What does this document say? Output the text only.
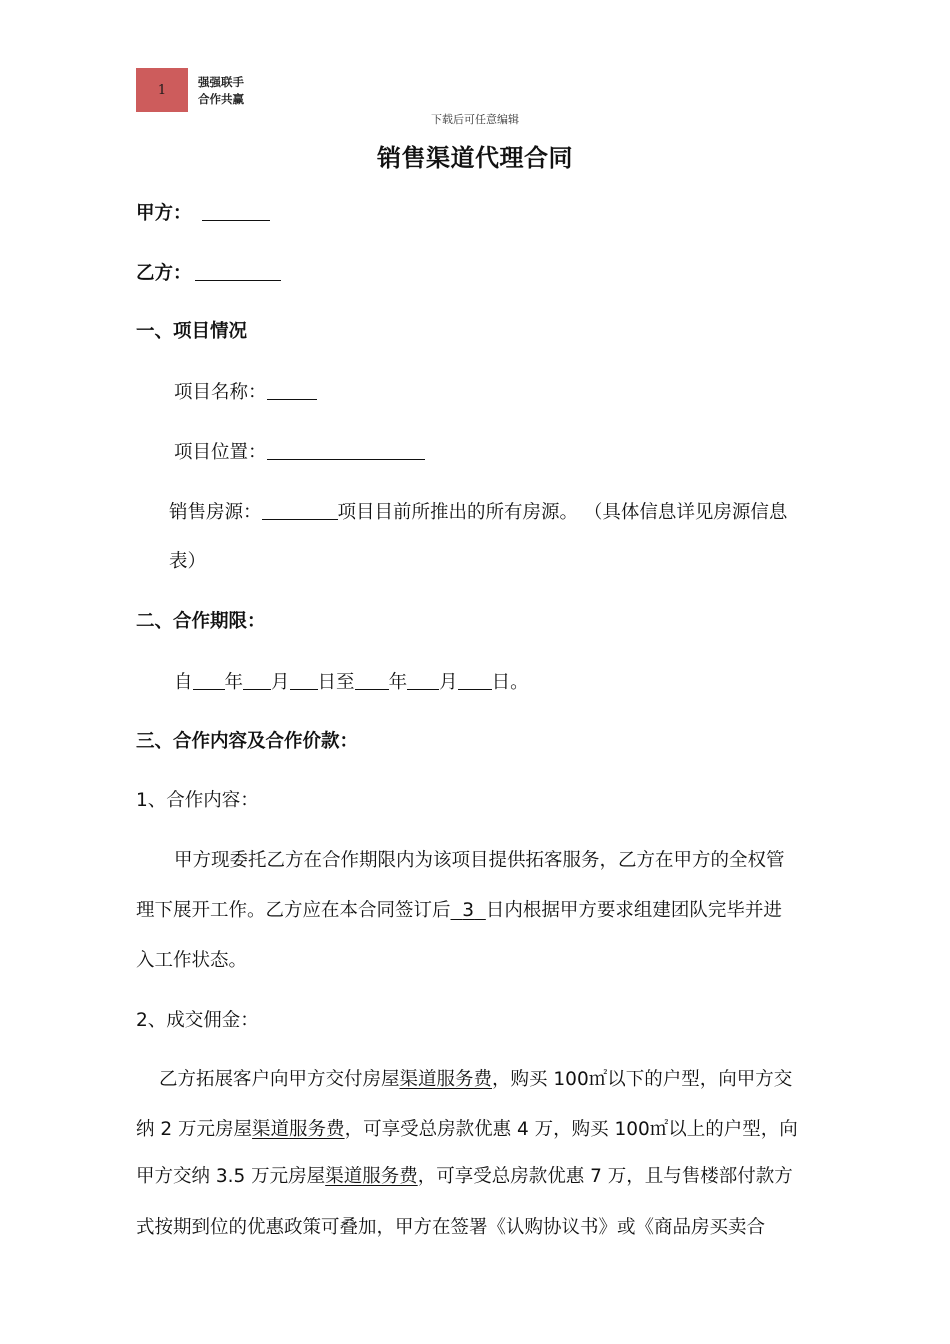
1
强强联手
合作共赢
下载后可任意编辑
销售渠道代理合同
甲方：
乙方：
一、项目情况
项目名称：
项目位置：
销售房源：	项目目前所推出的所有房源。 （具体信息详见房源信息
表）
二、合作期限：
自 年 月 日至 年 月 日。
三、合作内容及合作价款：
1、合作内容：
甲方现委托乙方在合作期限内为该项目提供拓客服务，乙方在甲方的全权管
理下展开工作。乙方应在本合同签订后 3 日内根据甲方要求组建团队完毕并进
入工作状态。
2、成交佣金：
乙方拓展客户向甲方交付房屋渠道服务费，购买 100㎡以下的户型，向甲方交
纳 2 万元房屋渠道服务费，可享受总房款优惠 4 万，购买 100㎡以上的户型，向
甲方交纳 3.5 万元房屋渠道服务费，可享受总房款优惠 7 万，且与售楼部付款方
式按期到位的优惠政策可叠加，甲方在签署《认购协议书》或《商品房买卖合
